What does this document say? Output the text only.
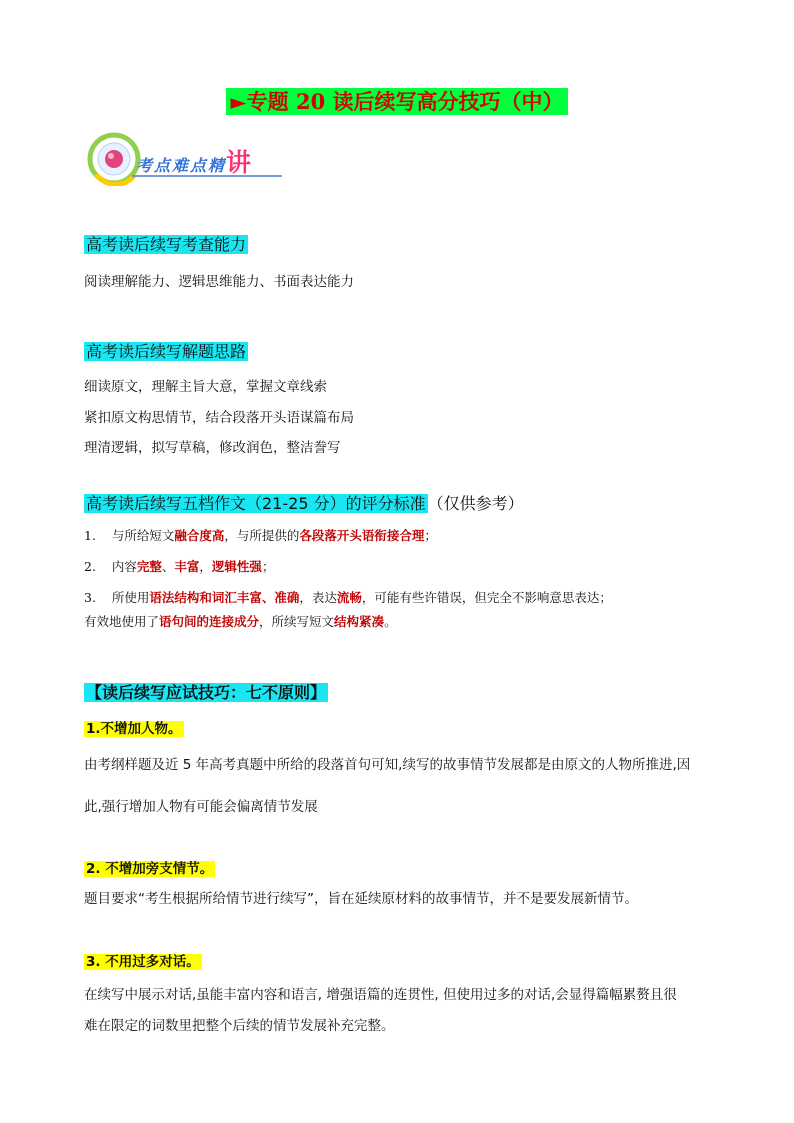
►专题 20 读后续写高分技巧（中）
考点难点精讲
高考读后续写考查能力
阅读理解能力、逻辑思维能力、书面表达能力
高考读后续写解题思路
细读原文，理解主旨大意，掌握文章线索
紧扣原文构思情节，结合段落开头语谋篇布局
理清逻辑，拟写草稿，修改润色，整洁誊写
高考读后续写五档作文（21-25 分）的评分标准 （仅供参考）
1. 与所给短文融合度高，与所提供的各段落开头语衔接合理；
2. 内容完整、丰富，逻辑性强；
3. 所使用语法结构和词汇丰富、准确，表达流畅，可能有些许错误，但完全不影响意思表达；
有效地使用了语句间的连接成分，所续写短文结构紧凑。
【读后续写应试技巧：七不原则】
1.不增加人物。
由考纲样题及近 5 年高考真题中所给的段落首句可知,续写的故事情节发展都是由原文的人物所推进,因
此,强行增加人物有可能会偏离情节发展
2. 不增加旁支情节。
题目要求“考生根据所给情节进行续写”，旨在延续原材料的故事情节，并不是要发展新情节。
3. 不用过多对话。
在续写中展示对话,虽能丰富内容和语言, 增强语篇的连贯性, 但使用过多的对话,会显得篇幅累赘且很
难在限定的词数里把整个后续的情节发展补充完整。
